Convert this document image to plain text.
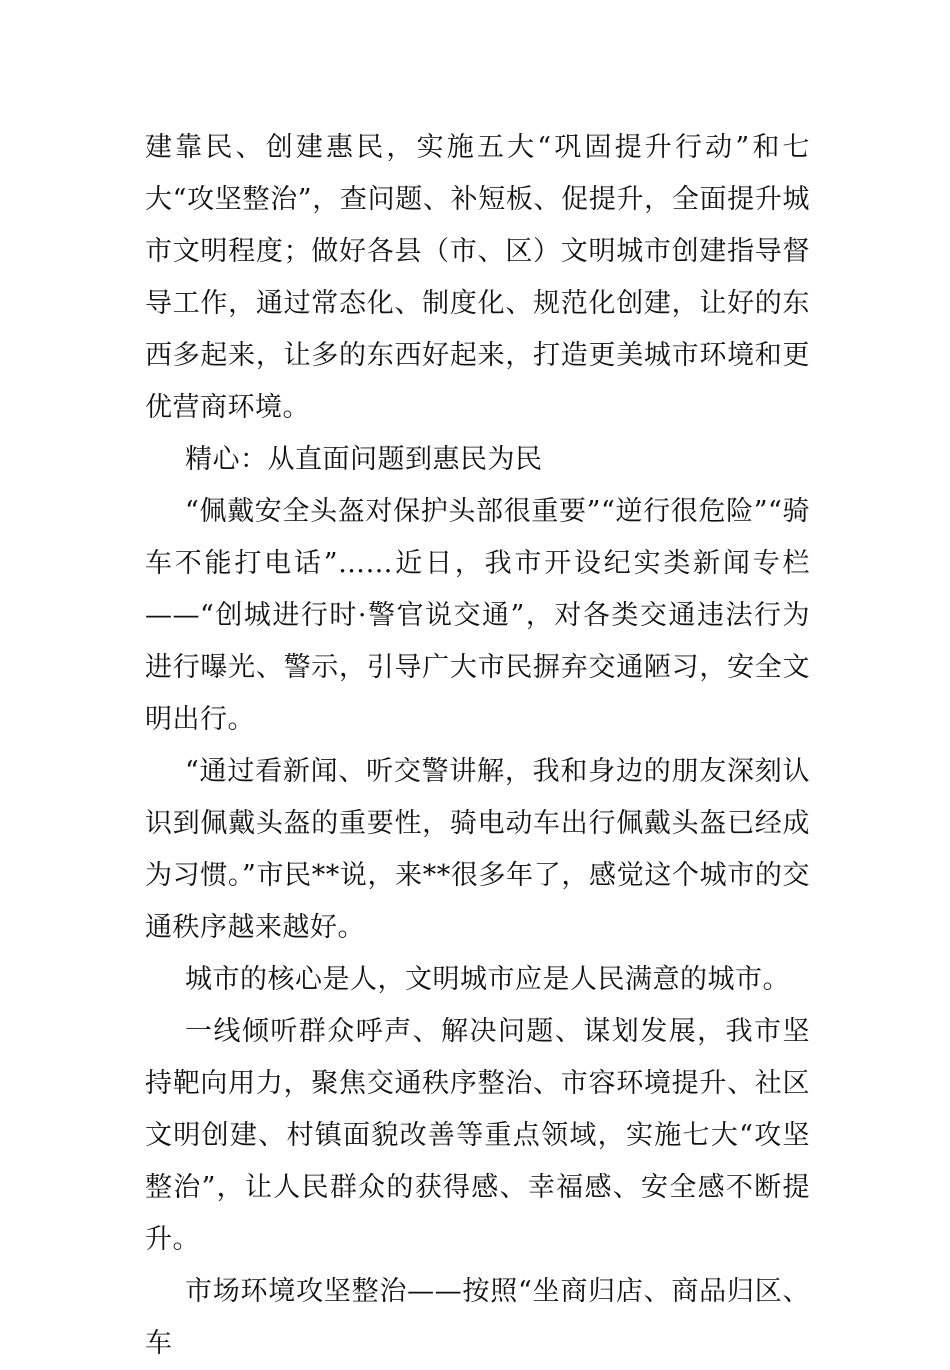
建靠民、创建惠民，实施五大“巩固提升行动”和七大“攻坚整治”，查问题、补短板、促提升，全面提升城市文明程度；做好各县（市、区）文明城市创建指导督导工作，通过常态化、制度化、规范化创建，让好的东西多起来，让多的东西好起来，打造更美城市环境和更优营商环境。

精心：从直面问题到惠民为民

“佩戴安全头盔对保护头部很重要”“逆行很危险”“骑车不能打电话”……近日，我市开设纪实类新闻专栏——“创城进行时·警官说交通”，对各类交通违法行为进行曝光、警示，引导广大市民摒弃交通陋习，安全文明出行。

“通过看新闻、听交警讲解，我和身边的朋友深刻认识到佩戴头盔的重要性，骑电动车出行佩戴头盔已经成为习惯。”市民**说，来**很多年了，感觉这个城市的交通秩序越来越好。

城市的核心是人，文明城市应是人民满意的城市。

一线倾听群众呼声、解决问题、谋划发展，我市坚持靶向用力，聚焦交通秩序整治、市容环境提升、社区文明创建、村镇面貌改善等重点领域，实施七大“攻坚整治”，让人民群众的获得感、幸福感、安全感不断提升。

市场环境攻坚整治——按照“坐商归店、商品归区、车
